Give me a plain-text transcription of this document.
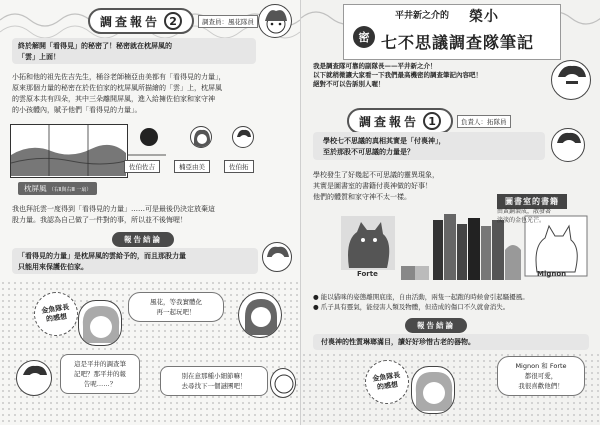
調查報告 2	調查員：風花隊員
終於解開「看得見」的秘密了！秘密就在枕屏風的
「雲」上面！
小拓和他的祖先佐吉先生，桶谷老師楠亞由美都有「看得見的力量」，
原來那個力量的秘密在於佐伯家的枕屏風所描繪的「雲」上，枕屏風
的雲原本共有四朵，其中三朵離開屏風，進入給擁佐伯家和家守神
的小孩體內，賦予他們「看得見的力量」。
枕屏風 （右Ⅱ與右Ⅲ 一扇）
佐伯佐吉	楠亞由美	佐伯拓
我也拜託雲一度得到「看得見的力量」……可是最後仍決定放棄這
股力量。我認為自己做了一件對的事，所以並不後悔喔！
報告結論
「看得見的力量」是枕屏風的雲給予的，而且那股力量
只能用來保護佐伯家。
金魚隊長
的感想
風花，等我實體化
再一起玩吧！
這是平井的調查筆
記吧？那平井的報
告呢……？
別在意那種小細節嘛！
去尋找下一個謎團吧！
密
平井新之介的 榮小
七不思議調查隊筆記
我是調查隊可靠的副隊長——平井新之介！
以下就稍微讓大家看一下我們最高機密的調查筆記內容吧！
絕對不可以告訴別人喔！
調查報告 1	負責人：拓隊員
學校七不思議的真相其實是「付喪神」，
至於那股不可思議的力量是？
學校發生了好幾起不可思議的靈異現象，
其實是圖書室的書籍付喪神做的好事！
他們的體質和家守神不太一樣。	圖書室的書籍
由黃銅製成，散發著
淡淡的金色光芒。
Forte	Mignon
● 能以貓咪的姿態離開底座，自由活動，兩隻一起跑的時候會引起騷擾風。
● 爪子具有靈氣，能侵害人類及物體，但造成的傷口不久就會消失。
報告結論
付喪神的性質琳瑯滿目，讀好好珍惜古老的器物。
金魚隊長
的感想
Mignon 和 Forte
都很可愛，
我很喜歡他們！
